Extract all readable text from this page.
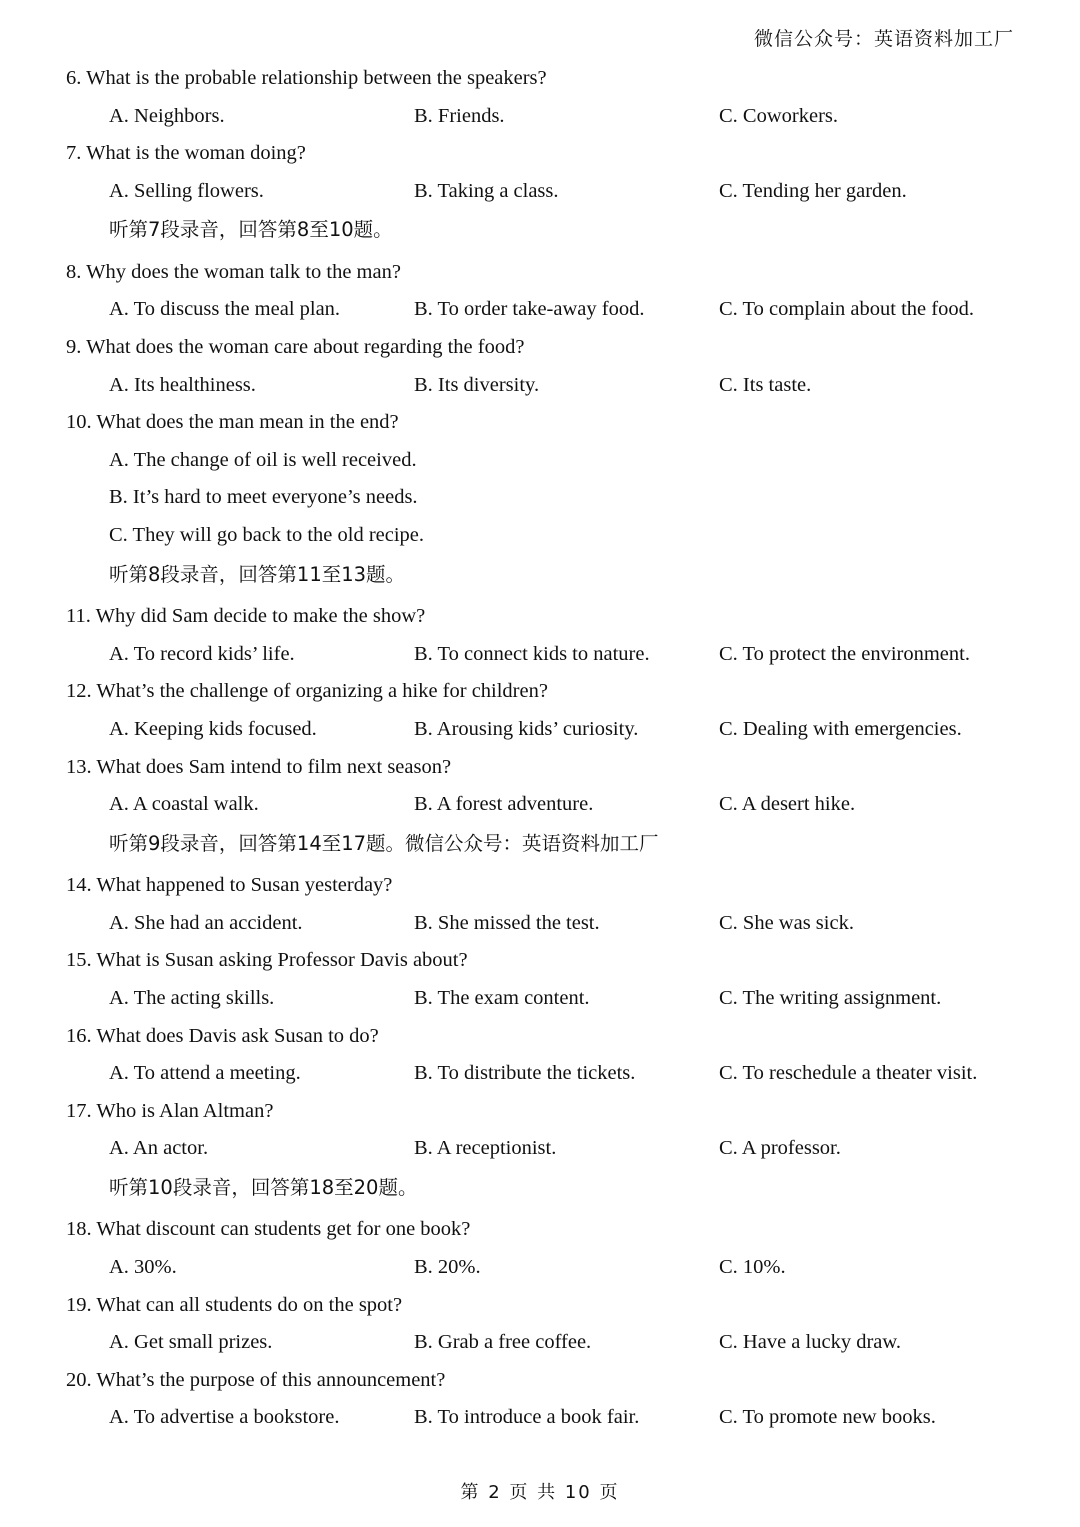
微信公众号：英语资料加工厂
6. What is the probable relationship between the speakers?
A. Neighbors.	B. Friends.	C. Coworkers.
7. What is the woman doing?
A. Selling flowers.	B. Taking a class.	C. Tending her garden.
听第7段录音，回答第8至10题。
8. Why does the woman talk to the man?
A. To discuss the meal plan.	B. To order take-away food.	C. To complain about the food.
9. What does the woman care about regarding the food?
A. Its healthiness.	B. Its diversity.	C. Its taste.
10. What does the man mean in the end?
A. The change of oil is well received.
B. It’s hard to meet everyone’s needs.
C. They will go back to the old recipe.
听第8段录音，回答第11至13题。
11. Why did Sam decide to make the show?
A. To record kids’ life.	B. To connect kids to nature.	C. To protect the environment.
12. What’s the challenge of organizing a hike for children?
A. Keeping kids focused.	B. Arousing kids’ curiosity.	C. Dealing with emergencies.
13. What does Sam intend to film next season?
A. A coastal walk.	B. A forest adventure.	C. A desert hike.
听第9段录音，回答第14至17题。微信公众号：英语资料加工厂
14. What happened to Susan yesterday?
A. She had an accident.	B. She missed the test.	C. She was sick.
15. What is Susan asking Professor Davis about?
A. The acting skills.	B. The exam content.	C. The writing assignment.
16. What does Davis ask Susan to do?
A. To attend a meeting.	B. To distribute the tickets.	C. To reschedule a theater visit.
17. Who is Alan Altman?
A. An actor.	B. A receptionist.	C. A professor.
听第10段录音，回答第18至20题。
18. What discount can students get for one book?
A. 30%.	B. 20%.	C. 10%.
19. What can all students do on the spot?
A. Get small prizes.	B. Grab a free coffee.	C. Have a lucky draw.
20. What’s the purpose of this announcement?
A. To advertise a bookstore.	B. To introduce a book fair.	C. To promote new books.
第 2 页 共 10 页
